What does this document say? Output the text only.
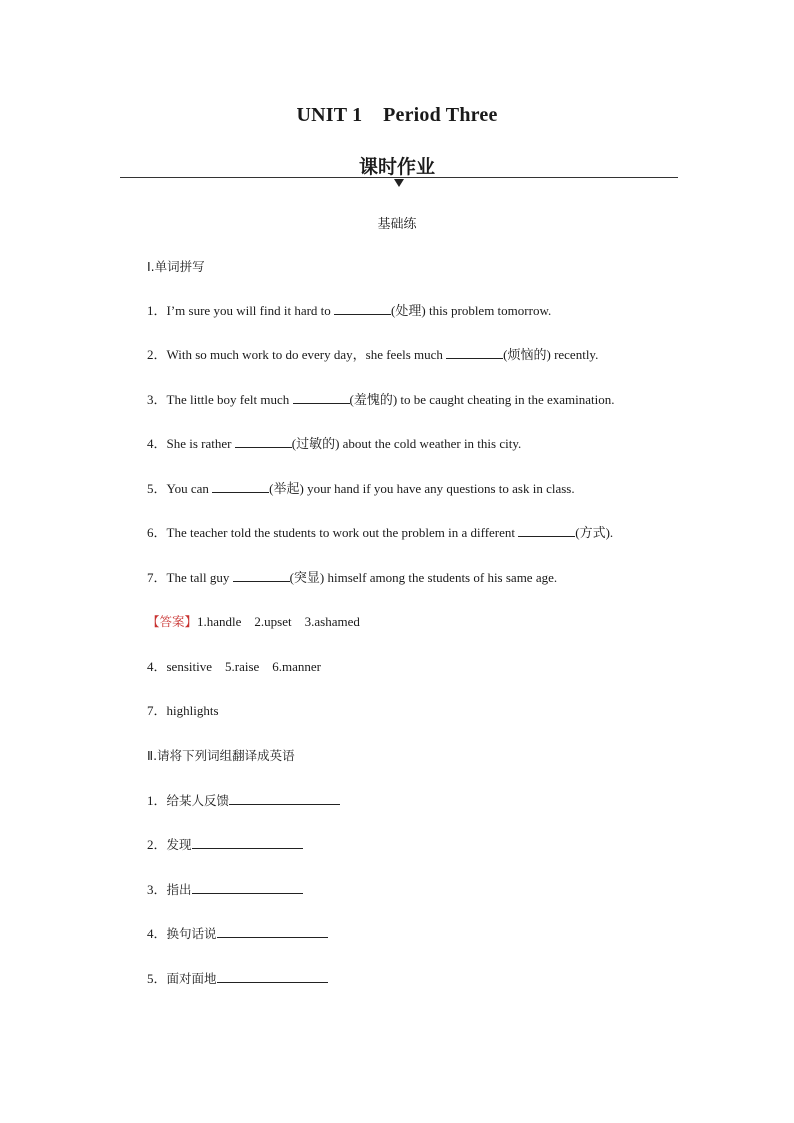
UNIT 1    Period Three
课时作业
基础练
Ⅰ.单词拼写
1．I’m sure you will find it hard to	(处理) this problem tomorrow.
2．With so much work to do every day，she feels much	(烦恼的) recently.
3．The little boy felt much	(羞愧的) to be caught cheating in the examination.
4．She is rather	(过敏的) about the cold weather in this city.
5．You can	(举起) your hand if you have any questions to ask in class.
6．The teacher told the students to work out the problem in a different	(方式).
7．The tall guy	(突显) himself among the students of his same age.
【答案】1.handle    2.upset    3.ashamed
4．sensitive    5.raise    6.manner
7．highlights
Ⅱ.请将下列词组翻译成英语
1．给某人反馈
2．发现
3．指出
4．换句话说
5．面对面地
